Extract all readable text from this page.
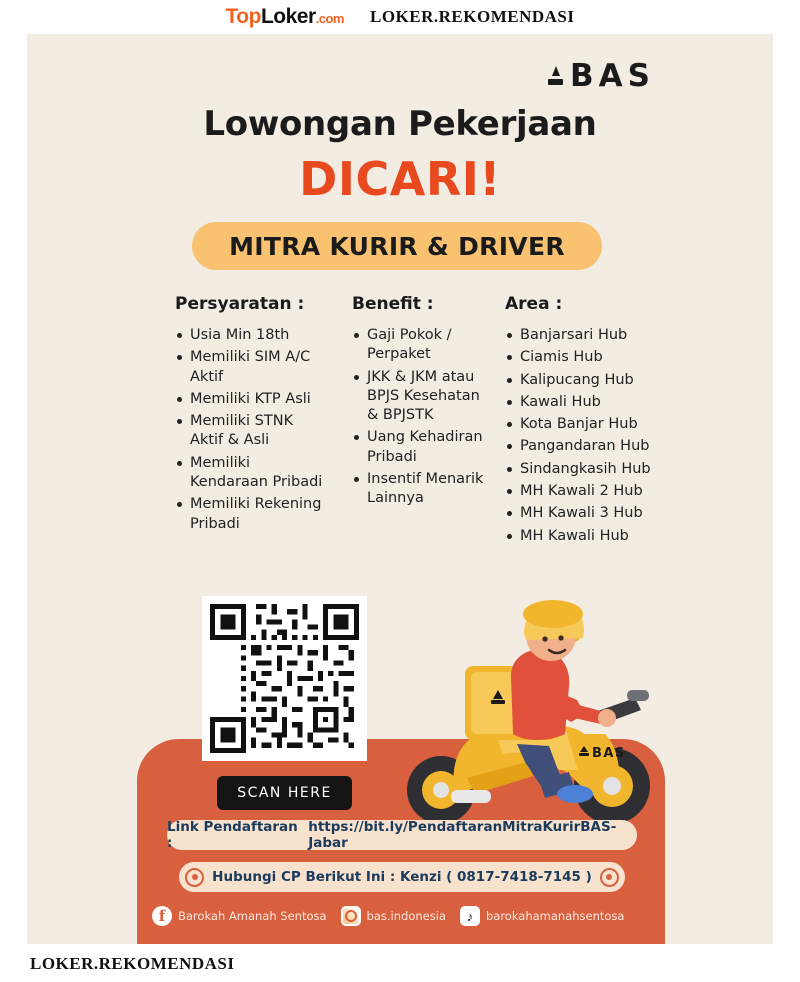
TopLoker.com LOKER.REKOMENDASI
BAS
Lowongan Pekerjaan
DICARI!
MITRA KURIR & DRIVER
Persyaratan :
Usia Min 18th
Memiliki SIM A/C Aktif
Memiliki KTP Asli
Memiliki STNK Aktif & Asli
Memiliki Kendaraan Pribadi
Memiliki Rekening Pribadi
Benefit :
Gaji Pokok / Perpaket
JKK & JKM atau BPJS Kesehatan & BPJSTK
Uang Kehadiran Pribadi
Insentif Menarik Lainnya
Area :
Banjarsari Hub
Ciamis Hub
Kalipucang Hub
Kawali Hub
Kota Banjar Hub
Pangandaran Hub
Sindangkasih Hub
MH Kawali 2 Hub
MH Kawali 3 Hub
MH Kawali Hub
SCAN HERE
BAS
Link Pendaftaran :
https://bit.ly/PendaftaranMitraKurirBAS-Jabar
Hubungi CP Berikut Ini : Kenzi ( 0817-7418-7145 )
f	Barokah Amanah Sentosa	bas.indonesia	♪	barokahamanahsentosa
LOKER.REKOMENDASI
